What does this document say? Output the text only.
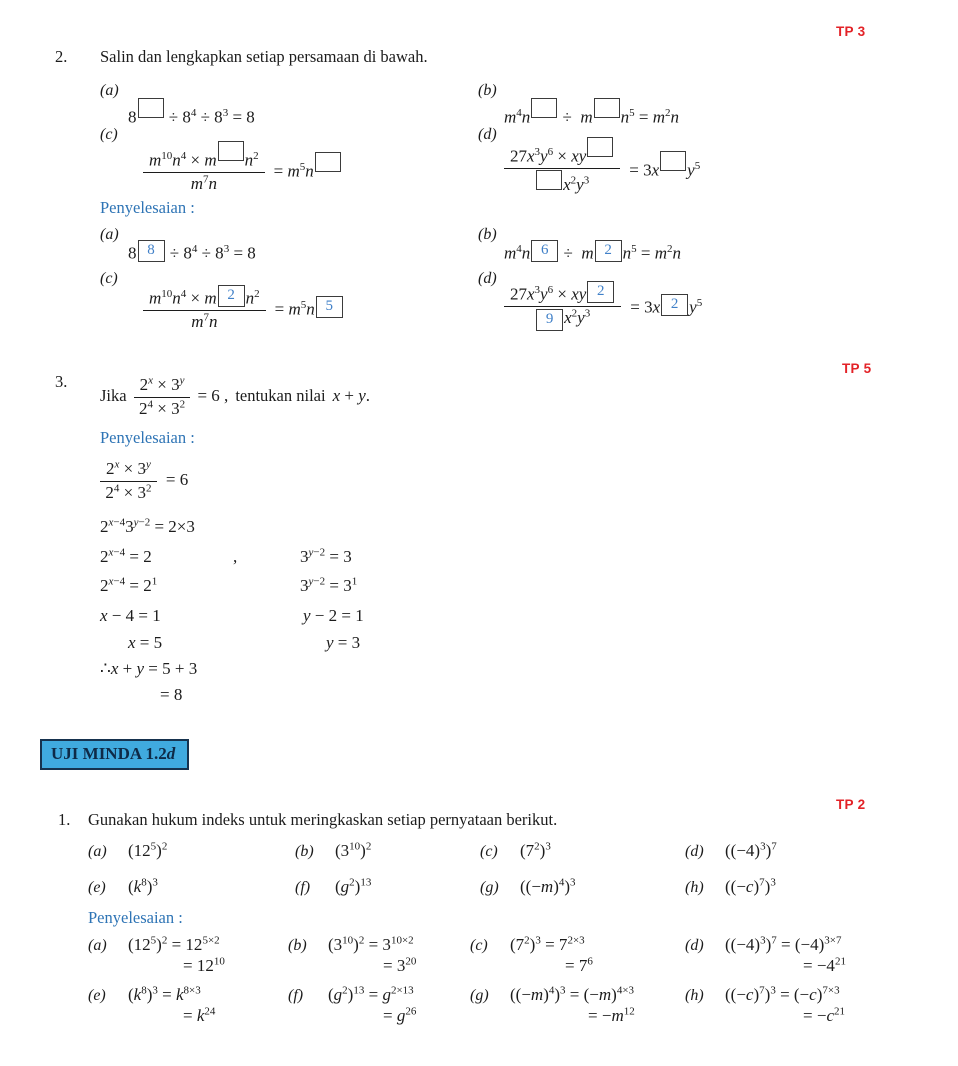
TP 3
TP 5
TP 2
2. Salin dan lengkapkan setiap persamaan di bawah.
(a)
$8 \div 8^4 \div 8^3 = 8$
(b)
$m^4n \div m$ $n^5 = m^2n$
(c)
$\frac{m^{10}n^4 \times m n^2}{m^7n} = m^5n$
$(d) \frac{27x^3y^6 \times xy}{x^2y^3} = 3x$ $y^5$
Penyelesaian :
(a)
8 $^8 \div 8^4 \div 8^3 = 8$
(b)
$m^4n$ $^6$ ÷  m $^2$ $n^5 = m^2n$
(c)
$\frac{m^{10}n^4 \times m ^2 n^2}{m^7n} = m^5n$ $^5$
$(d) \frac{27x^3y^6 \times xy ^2}{9 x^2y^3} = 3x$ $^2$ $y^5$
3.
Jika $\frac{2^x \times 3^y}{2^4 \times 3^2} = 6$ , tentukan nilai x + y.
Penyelesaian :
$\frac{2^x \times 3^y}{2^4 \times 3^2} = 6$
$2^{x-4}3^{y-2} = 2\times 3$
$2^{x-4} = 2$	,	$3^{y-2} = 3$
$2^{x-4} = 2^1$	$3^{y-2} = 3^1$
x − 4 = 1	y − 2 = 1
x = 5	y = 3
∴x + y = 5 + 3
= 8
UJI MINDA 1.2d
1. Gunakan hukum indeks untuk meringkaskan setiap pernyataan berikut.
(a)	$(12^5)^2$	(b)	$(3^{10})^2$	(c)	$(7^2)^3$	(d)	$((-4)^3)^7$
(e)	$(k^8)^3$	(f)	$(g^2)^{13}$	(g)	$((-m)^4)^3$	(h)	$((-c)^7)^3$
Penyelesaian :
(a)	$(12^5)^2 = 12^{5\times 2}$
= $12^{10}$
(b)	$(3^{10})^2 = 3^{10\times 2}$
= $3^{20}$
(c)	$(7^2)^3 = 7^{2\times 3}$
= $7^6$
(d)	$((-4)^3)^7 = (-4)^{3\times 7}$
= $-4^{21}$
(e)	$(k^8)^3 = k^{8\times 3}$
= $k^{24}$
(f)	$(g^2)^{13} = g^{2\times 13}$
= $g^{26}$
(g)	$((-m)^4)^3 = (-m)^{4\times 3}$
= $-m^{12}$
(h)	$((-c)^7)^3 = (-c)^{7\times 3}$
= $-c^{21}$
